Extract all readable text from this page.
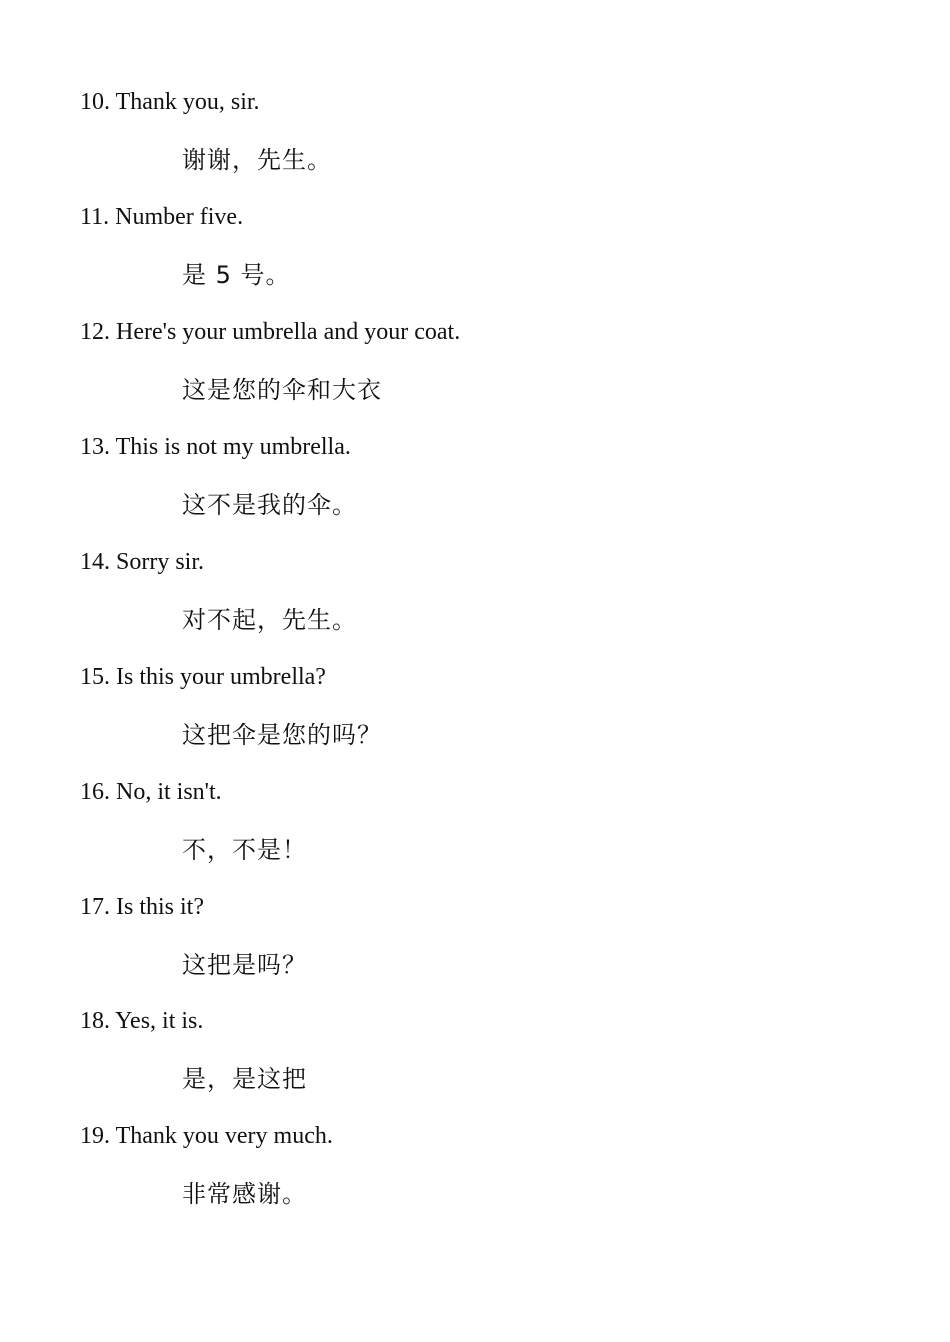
10. Thank you, sir.
谢谢，先生。
11. Number five.
是 5 号。
12. Here's your umbrella and your coat.
这是您的伞和大衣
13. This is not my umbrella.
这不是我的伞。
14. Sorry sir.
对不起，先生。
15. Is this your umbrella?
这把伞是您的吗？
16. No, it isn't.
不，不是！
17. Is this it?
这把是吗？
18. Yes, it is.
是，是这把
19. Thank you very much.
非常感谢。
